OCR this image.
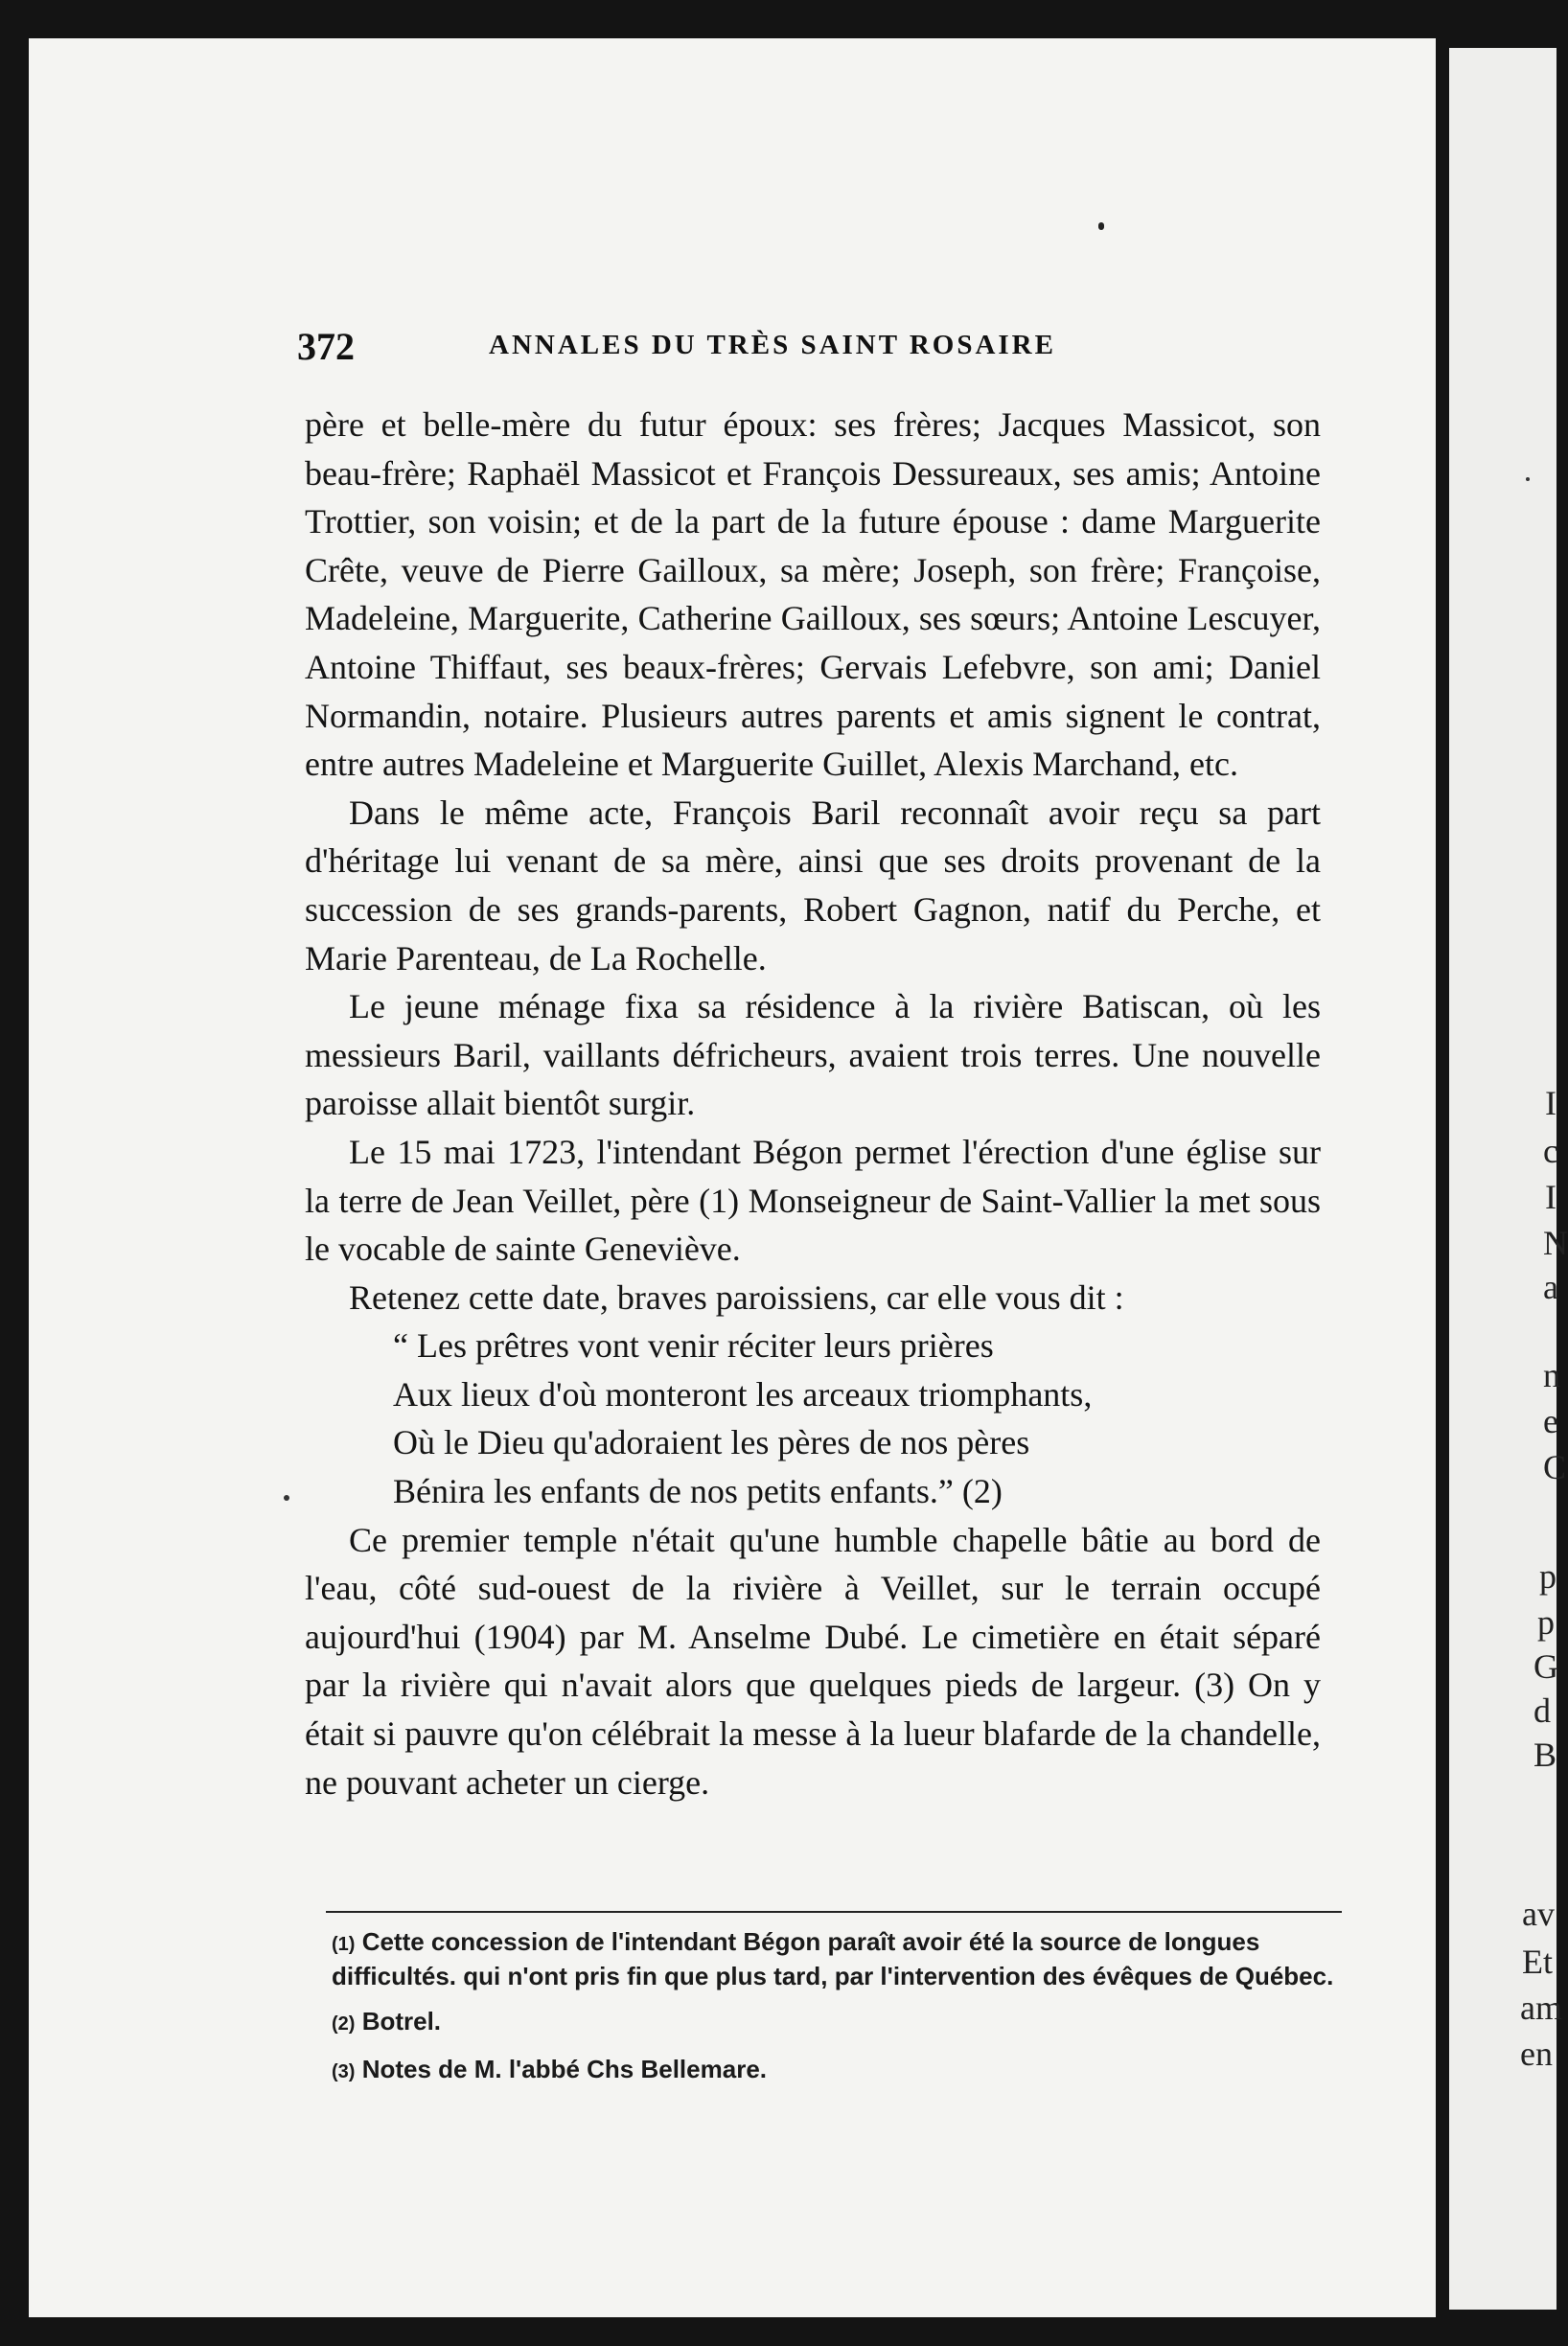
372	ANNALES DU TRÈS SAINT ROSAIRE

père et belle-mère du futur époux: ses frères; Jacques Massicot, son beau-frère; Raphaël Massicot et François Dessureaux, ses amis; Antoine Trottier, son voisin; et de la part de la future épouse : dame Marguerite Crête, veuve de Pierre Gailloux, sa mère; Joseph, son frère; Françoise, Madeleine, Marguerite, Catherine Gailloux, ses sœurs; Antoine Lescuyer, Antoine Thiffaut, ses beaux-frères; Gervais Lefebvre, son ami; Daniel Normandin, notaire. Plusieurs autres parents et amis signent le contrat, entre autres Madeleine et Marguerite Guillet, Alexis Marchand, etc.

Dans le même acte, François Baril reconnaît avoir reçu sa part d'héritage lui venant de sa mère, ainsi que ses droits provenant de la succession de ses grands-parents, Robert Gagnon, natif du Perche, et Marie Parenteau, de La Rochelle.

Le jeune ménage fixa sa résidence à la rivière Batiscan, où les messieurs Baril, vaillants défricheurs, avaient trois terres. Une nouvelle paroisse allait bientôt surgir.

Le 15 mai 1723, l'intendant Bégon permet l'érection d'une église sur la terre de Jean Veillet, père (1) Monseigneur de Saint-Vallier la met sous le vocable de sainte Geneviève.

Retenez cette date, braves paroissiens, car elle vous dit :

“ Les prêtres vont venir réciter leurs prières
Aux lieux d'où monteront les arceaux triomphants,
Où le Dieu qu'adoraient les pères de nos pères
Bénira les enfants de nos petits enfants.” (2)

Ce premier temple n'était qu'une humble chapelle bâtie au bord de l'eau, côté sud-ouest de la rivière à Veillet, sur le terrain occupé aujourd'hui (1904) par M. Anselme Dubé. Le cimetière en était séparé par la rivière qui n'avait alors que quelques pieds de largeur. (3) On y était si pauvre qu'on célébrait la messe à la lueur blafarde de la chandelle, ne pouvant acheter un cierge.

(1) Cette concession de l'intendant Bégon paraît avoir été la source de longues difficultés. qui n'ont pris fin que plus tard, par l'intervention des évêques de Québec.

(2) Botrel.

(3) Notes de M. l'abbé Chs Bellemare.

I
c
I
N
a
n
e
C
p
p
G
d
B
av
Et
am
en
